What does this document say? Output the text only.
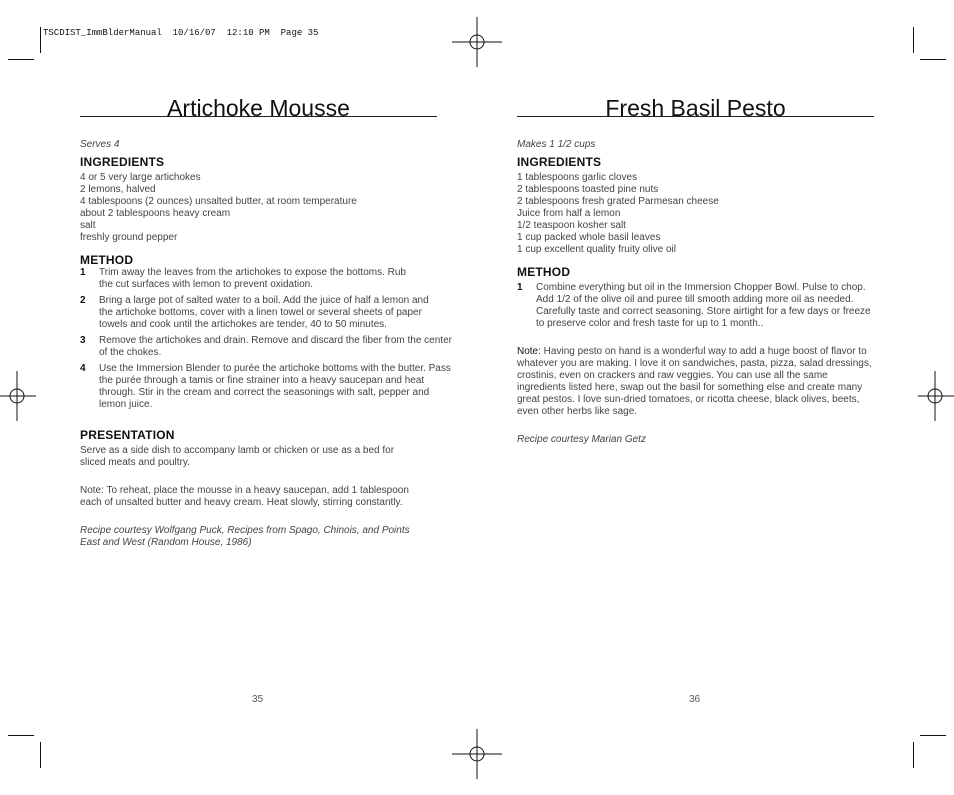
TSCDIST_ImmBlderManual  10/16/07  12:10 PM  Page 35
Artichoke Mousse

Serves 4

INGREDIENTS
4 or 5 very large artichokes
2 lemons, halved
4 tablespoons (2 ounces) unsalted butter, at room temperature
about 2 tablespoons heavy cream
salt
freshly ground pepper
METHOD
1 Trim away the leaves from the artichokes to expose the bottoms. Rub the cut surfaces with lemon to prevent oxidation.
2 Bring a large pot of salted water to a boil. Add the juice of half a lemon and the artichoke bottoms, cover with a linen towel or several sheets of paper towels and cook until the artichokes are tender, 40 to 50 minutes.
3 Remove the artichokes and drain. Remove and discard the fiber from the center of the chokes.
4 Use the Immersion Blender to purée the artichoke bottoms with the butter. Pass the purée through a tamis or fine strainer into a heavy saucepan and heat through. Stir in the cream and correct the seasonings with salt, pepper and lemon juice.
PRESENTATION

Serve as a side dish to accompany lamb or chicken or use as a bed for sliced meats and poultry.

Note: To reheat, place the mousse in a heavy saucepan, add 1 tablespoon each of unsalted butter and heavy cream. Heat slowly, stirring constantly.

Recipe courtesy Wolfgang Puck, Recipes from Spago, Chinois, and Points East and West (Random House, 1986)

35
Fresh Basil Pesto

Makes 1 1/2 cups

INGREDIENTS
1 tablespoons garlic cloves
2 tablespoons toasted pine nuts
2 tablespoons fresh grated Parmesan cheese
Juice from half a lemon
1/2 teaspoon kosher salt
1 cup packed whole basil leaves
1 cup excellent quality fruity olive oil
METHOD
1 Combine everything but oil in the Immersion Chopper Bowl. Pulse to chop. Add 1/2 of the olive oil and puree till smooth adding more oil as needed. Carefully taste and correct seasoning. Store airtight for a few days or freeze to preserve color and fresh taste for up to 1 month..

Note: Having pesto on hand is a wonderful way to add a huge boost of flavor to whatever you are making. I love it on sandwiches, pasta, pizza, salad dressings, crostinis, even on crackers and raw veggies. You can use all the same ingredients listed here, swap out the basil for something else and create many great pestos. I love sun-dried tomatoes, or ricotta cheese, black olives, beets, even other herbs like sage.

Recipe courtesy Marian Getz

36
